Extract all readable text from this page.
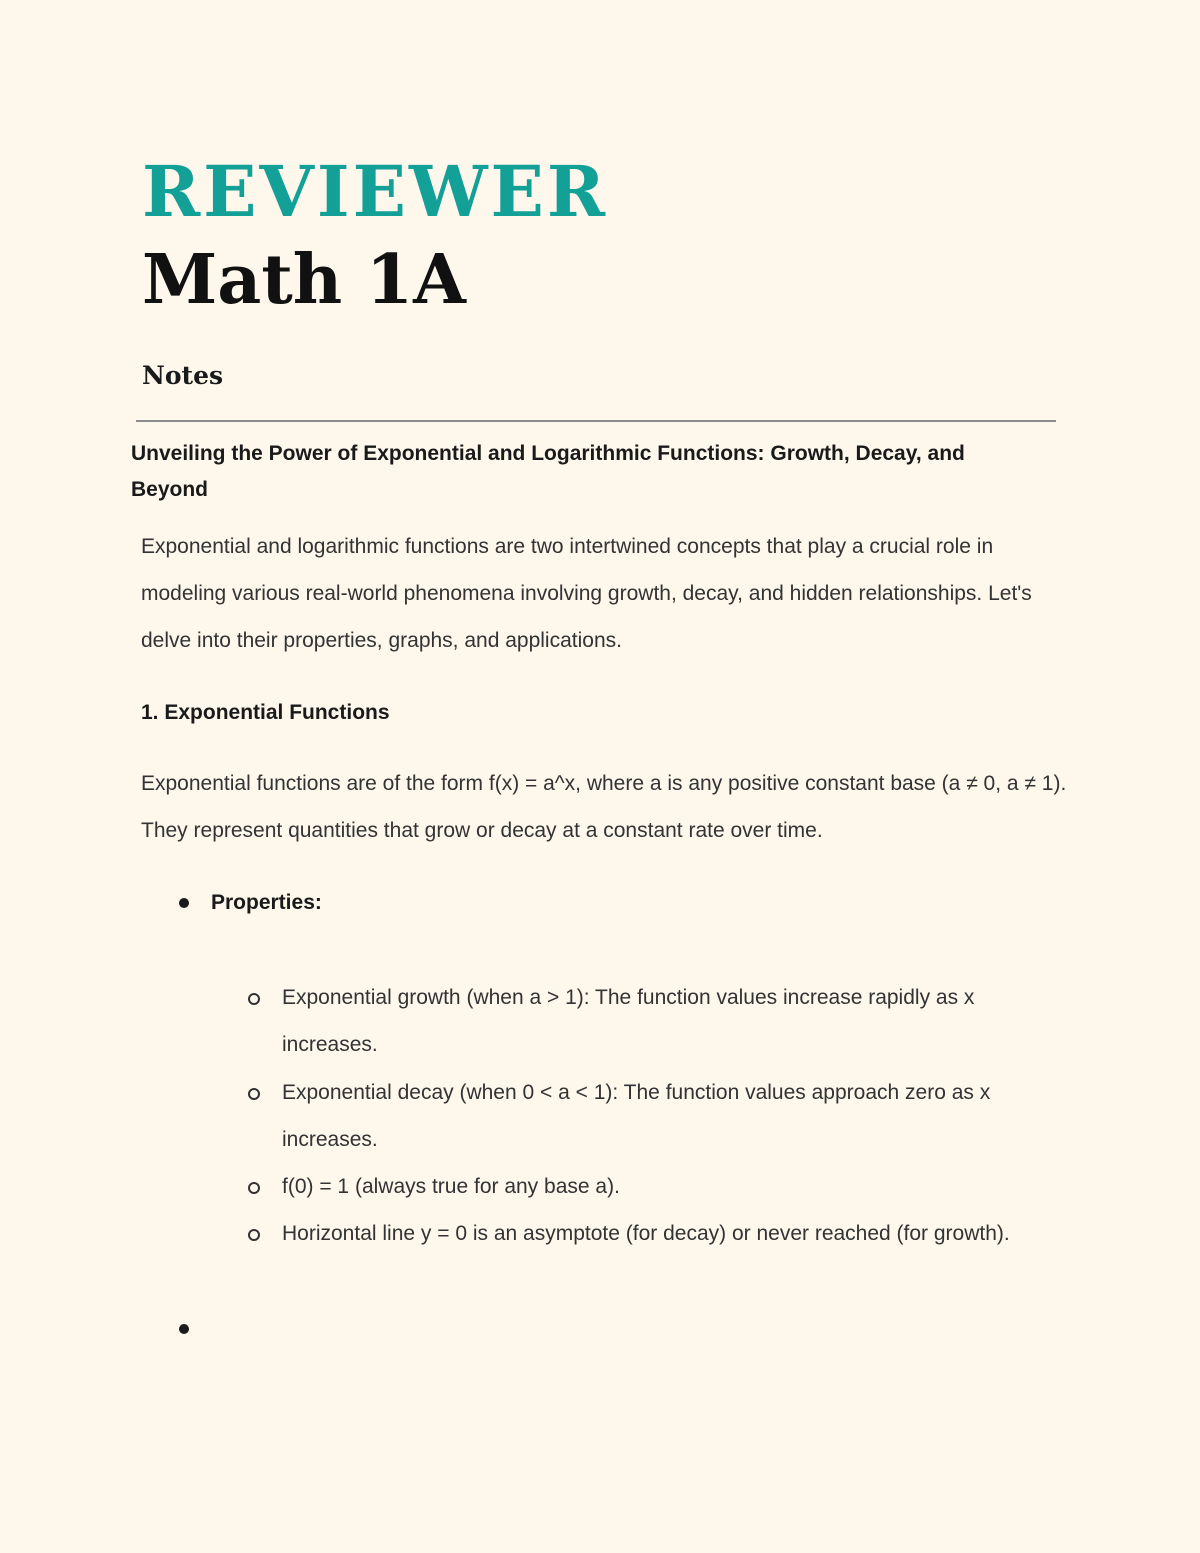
REVIEWER
Math 1A
Notes
Unveiling the Power of Exponential and Logarithmic Functions: Growth, Decay, and Beyond
Exponential and logarithmic functions are two intertwined concepts that play a crucial role in modeling various real-world phenomena involving growth, decay, and hidden relationships. Let's delve into their properties, graphs, and applications.
1. Exponential Functions
Exponential functions are of the form f(x) = a^x, where a is any positive constant base (a ≠ 0, a ≠ 1). They represent quantities that grow or decay at a constant rate over time.
Properties:
Exponential growth (when a > 1): The function values increase rapidly as x increases.
Exponential decay (when 0 < a < 1): The function values approach zero as x increases.
f(0) = 1 (always true for any base a).
Horizontal line y = 0 is an asymptote (for decay) or never reached (for growth).
